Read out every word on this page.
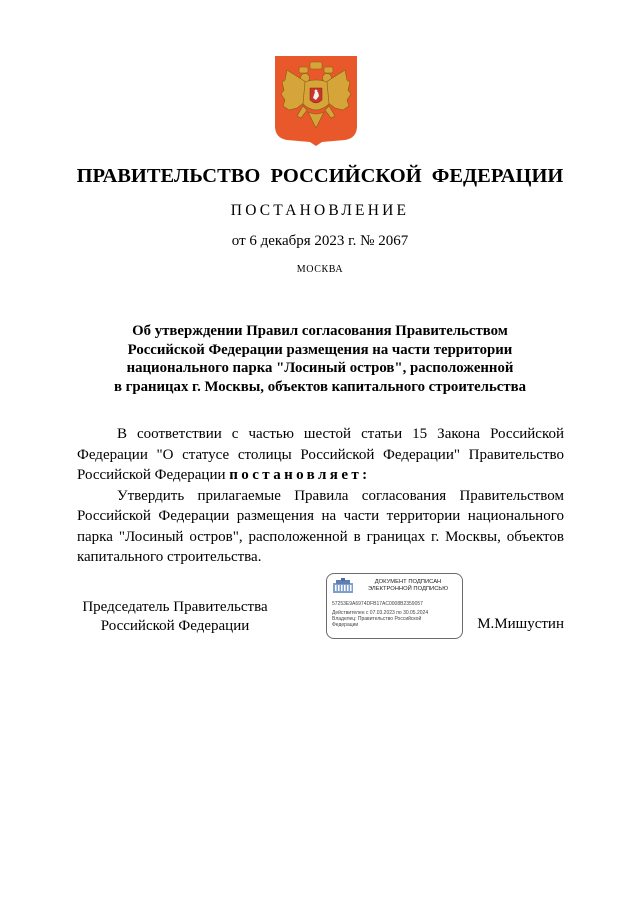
ПРАВИТЕЛЬСТВО РОССИЙСКОЙ ФЕДЕРАЦИИ
ПОСТАНОВЛЕНИЕ
от 6 декабря 2023 г. № 2067
МОСКВА
Об утверждении Правил согласования Правительством
Российской Федерации размещения на части территории
национального парка "Лосиный остров", расположенной
в границах г. Москвы, объектов капитального строительства

В соответствии с частью шестой статьи 15 Закона Российской Федерации "О статусе столицы Российской Федерации" Правительство Российской Федерации постановляет:

Утвердить прилагаемые Правила согласования Правительством Российской Федерации размещения на части территории национального парка "Лосиный остров", расположенной в границах г. Москвы, объектов капитального строительства.

Председатель Правительства
Российской Федерации
ДОКУМЕНТ ПОДПИСАН
ЭЛЕКТРОННОЙ ПОДПИСЬЮ
57253E9A6974DFB17AC0008B2359057
Действителен с 07.03.2023 по 30.05.2024
Владелец: Правительство Российской
Федерации	М.Мишустин
